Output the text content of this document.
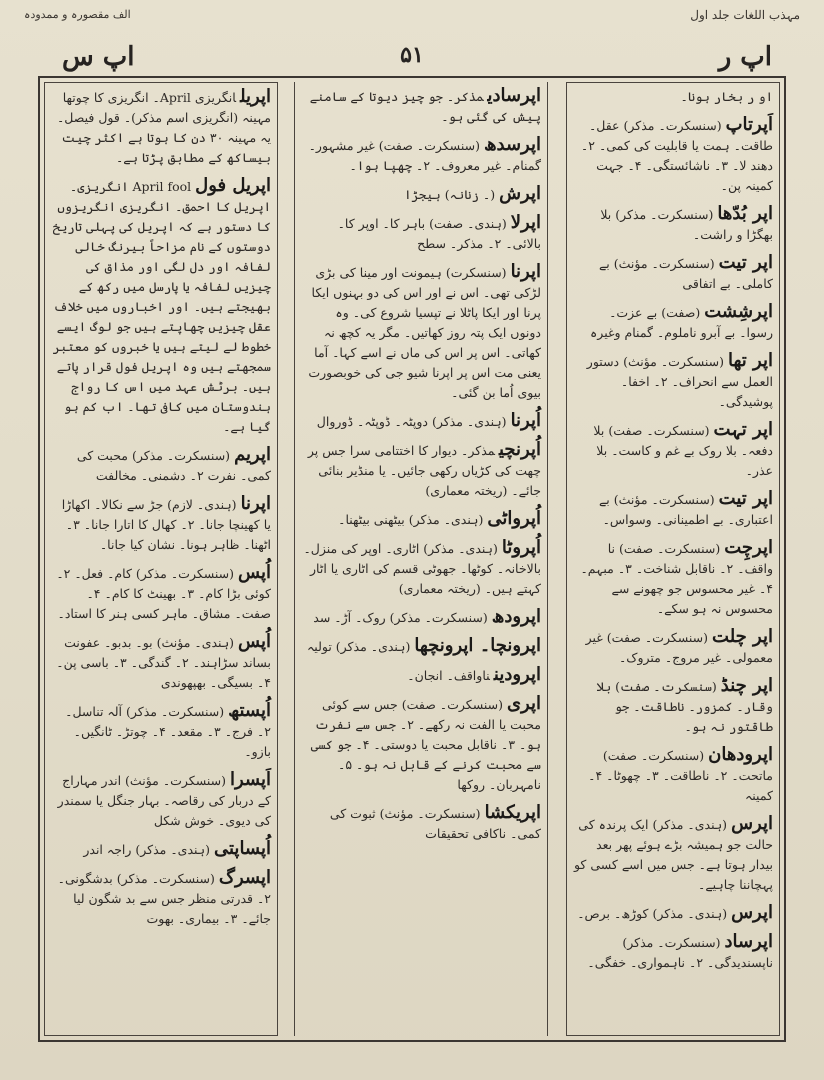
مہذب اللغات جلد اول
الف مقصورہ و ممدودہ
اپ ر
۵۱
اپ س
او ر بخار ہونا۔
اَپرتاپ(سنسکرت۔ مذکر) عقل۔ طاقت۔ ہمت یا قابلیت کی کمی۔ ۲۔ دھند لا۔ ۳۔ ناشائستگی۔ ۴۔ جہت کمینہ پن۔
اپر بُدّھا(سنسکرت۔ مذکر) بلا بھگڑا و راشت۔
اپر تیت(سنسکرت۔ مؤنث) بے کاملی۔ بے اتفاقی
اپرشِشت(صفت) بے عزت۔ رسوا۔ بے آبرو ناملوم۔ گمنام وغیرہ
اپر تھا(سنسکرت۔ مؤنث) دستور العمل سے انحراف۔ ۲۔ اخفا۔ پوشیدگی۔
اپر تہت(سنسکرت۔ صفت) بلا دفعہ۔ بلا روک بے غم و کاست۔ بلا عذر۔
اپر تیت(سنسکرت۔ مؤنث) بے اعتباری۔ بے اطمینانی۔ وسواس۔
اپرچِت(سنسکرت۔ صفت) نا واقف۔ ۲۔ ناقابل شناخت۔ ۳۔ مبہم۔ ۴۔ غیر محسوس جو چھونے سے محسوس نہ ہو سکے۔
اپر چلت(سنسکرت۔ صفت) غیر معمولی۔ غیر مروج۔ متروک۔
اپر چنڈ(سنسکرت۔ صفت) بلا وقار۔ کمزور۔ ناطاقت۔ جو طاقتور نہ ہو۔
اپرودھان(سنسکرت۔ صفت) ماتحت۔ ۲۔ ناطاقت۔ ۳۔ چھوٹا۔ ۴۔ کمینہ
اپرس(ہندی۔ مذکر) ایک پرندہ کی حالت جو ہمیشہ بڑے ہوئے پھر بعد بیدار ہوتا ہے۔ جس میں اسے کسی کو پہچاننا چاہیے۔
اپرس(ہندی۔ مذکر) کوڑھ۔ برص۔
اپرساد(سنسکرت۔ مذکر) ناپسندیدگی۔ ۲۔ ناہمواری۔ خفگی۔
اپرسادیمذکر۔ جو چیز دیوتا کے سامنے پیش کی گئی ہو۔
اپرسدھ(سنسکرت۔ صفت) غیر مشہور۔ گمنام۔ غیر معروف۔ ۲۔ چھپا ہوا۔
اپرش(۔ زنانہ) ہیجڑا
اپرلا(ہندی۔ صفت) باہر کا۔ اوپر کا۔ بالائی۔ ۲۔ مذکر۔ سطح
اپرنا(سنسکرت) ہیمونت اور مینا کی بڑی لڑکی تھی۔ اس نے اور اس کی دو بہنوں ایکا پرنا اور ایکا پاٹلا نے تپسیا شروع کی۔ وہ دونوں ایک پتہ روز کھاتیں۔ مگر یہ کچھ نہ کھاتی۔ اس پر اس کی ماں نے اسے کہا۔ آما یعنی مت اس پر اپرنا شیو جی کی خوبصورت بیوی اُما بن گئی۔
اُپرنا(ہندی۔ مذکر) دوپٹہ۔ ڈوپٹہ۔ ڈوروال
اُپرنچیمذکر۔ دیوار کا اختتامی سرا جس پر چھت کی کڑیاں رکھی جائیں۔ یا منڈیر بنائی جائے۔ (ریختہ معماری)
اُپرواٹی(ہندی۔ مذکر) بیٹھنی بیٹھنا۔
اُپروٹا(ہندی۔ مذکر) اٹاری۔ اوپر کی منزل۔ بالاخانہ۔ کوٹھا۔ جھوٹی قسم کی اٹاری یا اٹار کہتے ہیں۔ (ریختہ معماری)
اپرودھ(سنسکرت۔ مذکر) روک۔ آڑ۔ سد
اپرونچا۔ اپرونچھا(ہندی۔ مذکر) تولیہ
اپرودینناواقف۔ انجان۔
اپری(سنسکرت۔ صفت) جس سے کوئی محبت یا الفت نہ رکھے۔ ۲۔ جس سے نفرت ہو۔ ۳۔ ناقابل محبت یا دوستی۔ ۴۔ جو کسی سے محبت کرنے کے قابل نہ ہو۔ ۵۔ نامہربان۔ روکھا
اپریکشا(سنسکرت۔ مؤنث) ثبوت کی کمی۔ ناکافی تحقیقات
اپریلانگریزی April۔ انگریزی کا چوتھا مہینہ (انگریزی اسم مذکر)۔ قول فیصل۔ یہ مہینہ ۳۰ دن کا ہوتا ہے اکثر چیت بیساکھ کے مطابق پڑتا ہے۔
اپریل فولApril fool انگریزی۔ اپریل کا احمق۔ انگریزی انگریزوں کا دستور ہے کہ اپریل کی پہلی تاریخ دوستوں کے نام مزاحاً بیرنگ خالی لفافہ اور دل لگی اور مذاق کی چیزیں لفافہ یا پارسل میں رکھ کے بھیجتے ہیں۔ اور اخباروں میں خلاف عقل چیزیں چھاپتے ہیں جو لوگ ایسے خطوط لے لیتے ہیں یا خبروں کو معتبر سمجھتے ہیں وہ اپریل فول قرار پاتے ہیں۔ برٹش عہد میں اس کا رواج ہندوستان میں کافی تھا۔ اب کم ہو گیا ہے۔
اپریم(سنسکرت۔ مذکر) محبت کی کمی۔ نفرت ۲۔ دشمنی۔ مخالفت
اپرنا(ہندی۔ لازم) جڑ سے نکالا۔ اکھاڑا یا کھینچا جانا۔ ۲۔ کھال کا اتارا جانا۔ ۳۔ اٹھنا۔ ظاہر ہونا۔ نشان کیا جانا۔
اُپس(سنسکرت۔ مذکر) کام۔ فعل۔ ۲۔ کوئی بڑا کام۔ ۳۔ بھینٹ کا کام۔ ۴۔ صفت۔ مشاق۔ ماہر کسی ہنر کا استاد۔
اُپس(ہندی۔ مؤنث) بو۔ بدبو۔ عفونت بساند سڑاہند۔ ۲۔ گندگی۔ ۳۔ باسی پن۔ ۴۔ بسیگی۔ بھپھوندی
اُپستھ(سنسکرت۔ مذکر) آلہ تناسل۔ ۲۔ فرج۔ ۳۔ مقعد۔ ۴۔ چوتڑ۔ ٹانگیں۔ بازو۔
اَپسرا(سنسکرت۔ مؤنث) اندر مہاراج کے دربار کی رقاصہ۔ بہار جنگل یا سمندر کی دیوی۔ خوش شکل
اُپساپتی(ہندی۔ مذکر) راجہ اندر
اپسرگ(سنسکرت۔ مذکر) بدشگونی۔ ۲۔ قدرتی منظر جس سے بد شگون لیا جائے۔ ۳۔ بیماری۔ بھوت
